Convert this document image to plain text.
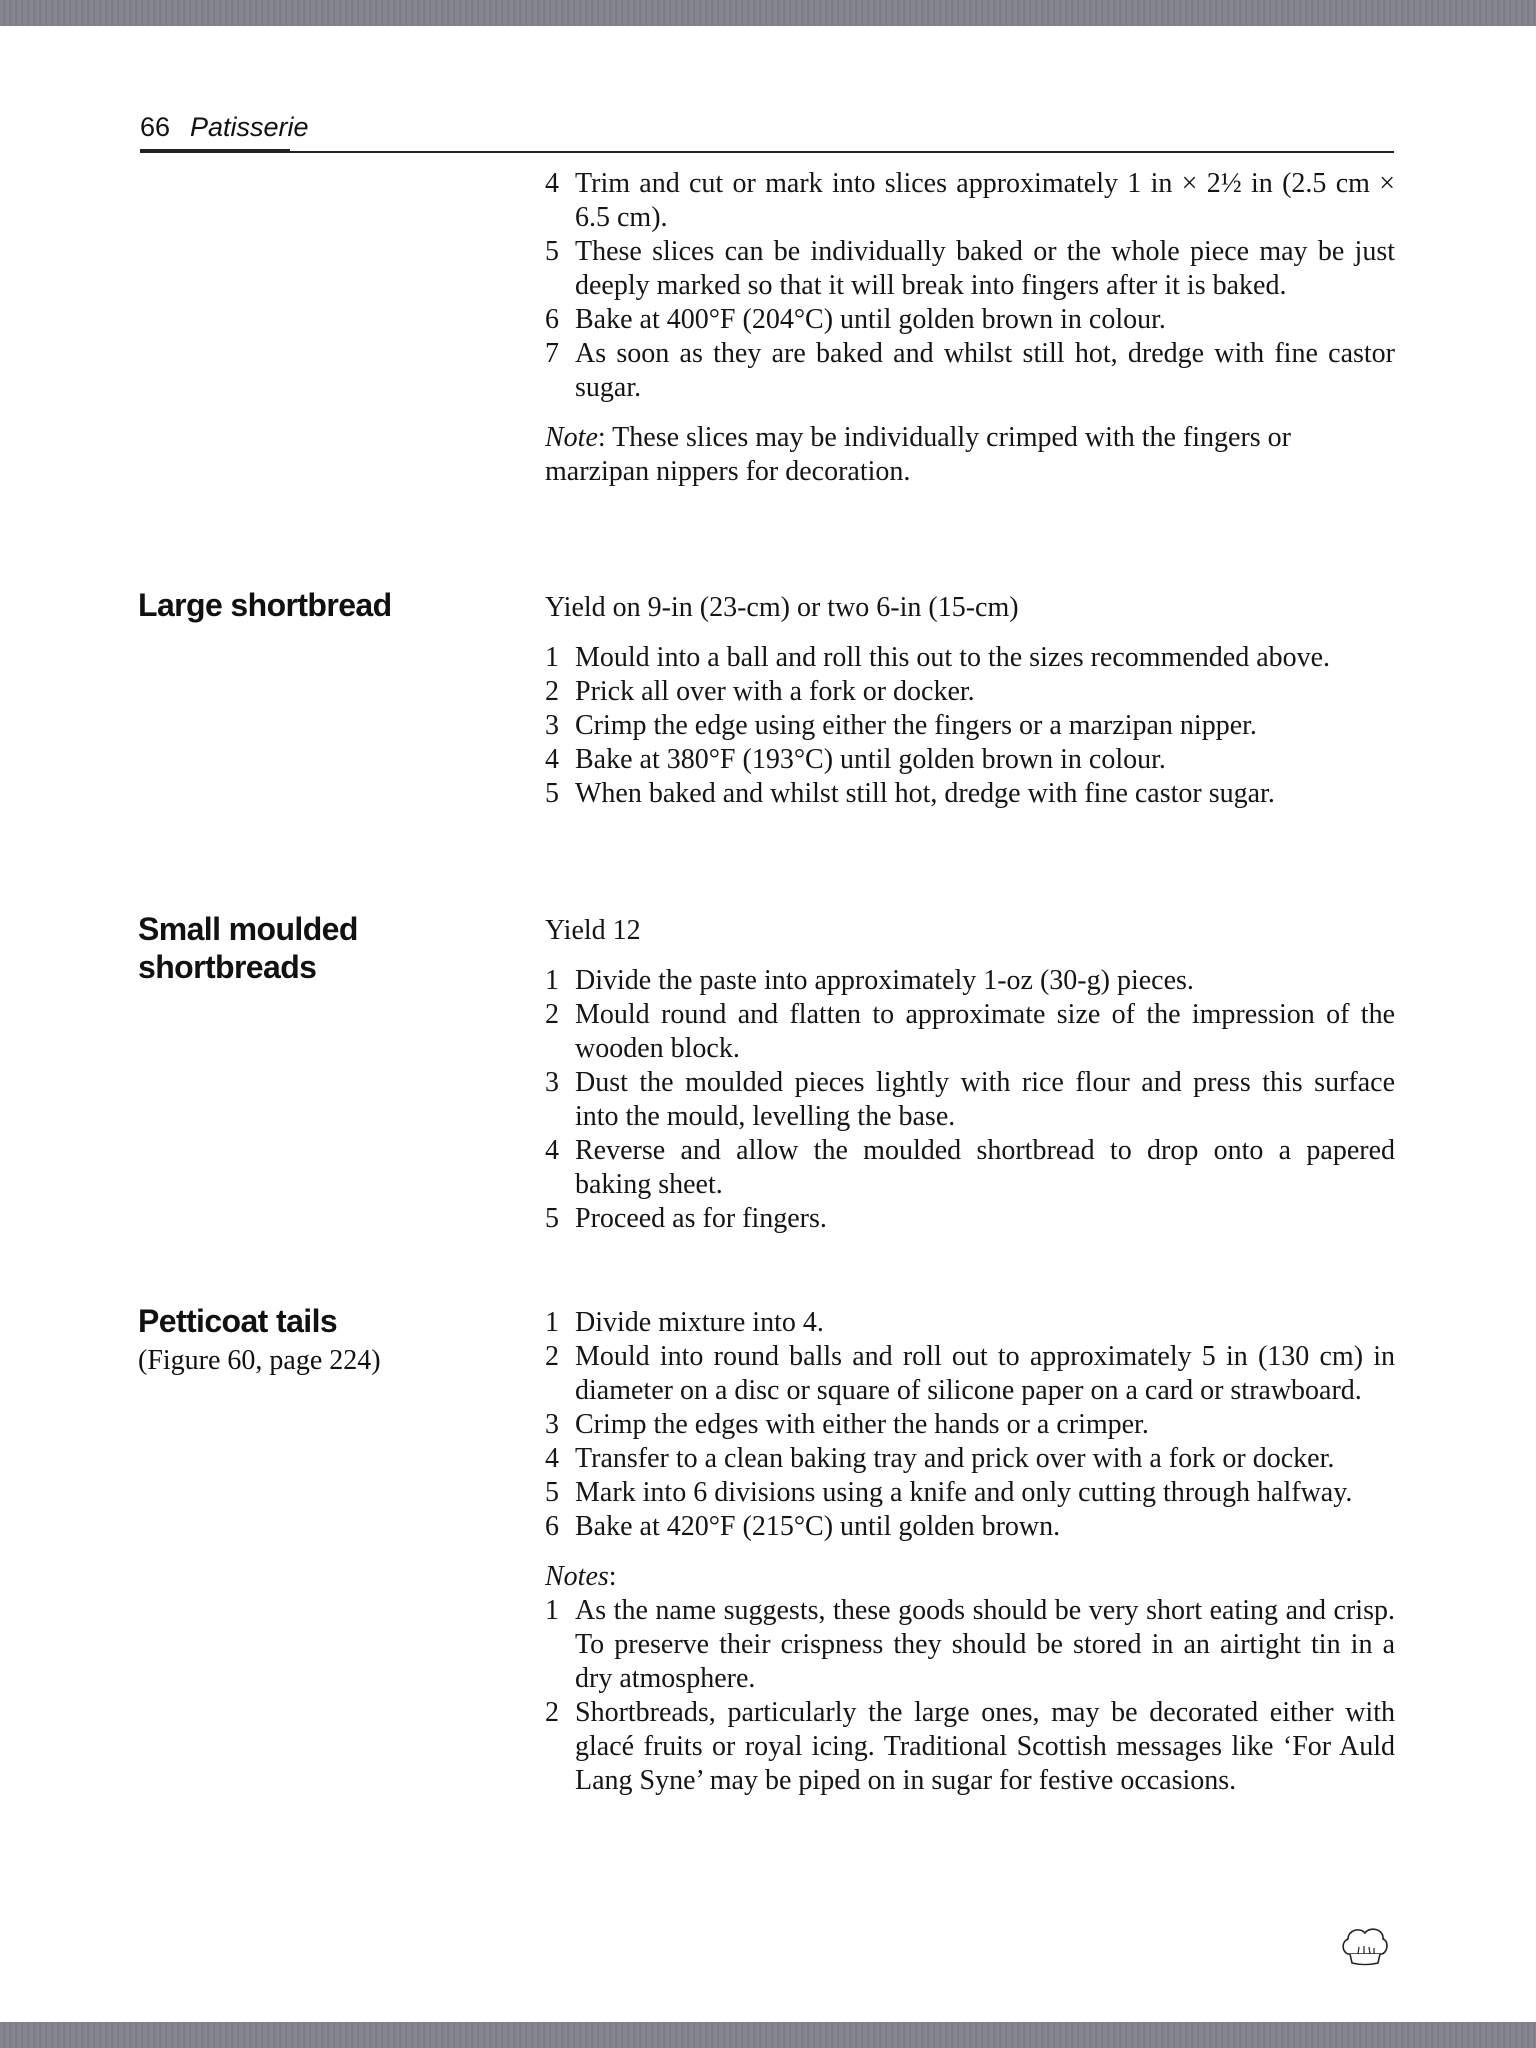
66 Patisserie
4 Trim and cut or mark into slices approximately 1 in × 2½ in (2.5 cm × 6.5 cm).
5 These slices can be individually baked or the whole piece may be just deeply marked so that it will break into fingers after it is baked.
6 Bake at 400°F (204°C) until golden brown in colour.
7 As soon as they are baked and whilst still hot, dredge with fine castor sugar.

Note: These slices may be individually crimped with the fingers or marzipan nippers for decoration.

Large shortbread	Yield on 9-in (23-cm) or two 6-in (15-cm)

1 Mould into a ball and roll this out to the sizes recommended above.
2 Prick all over with a fork or docker.
3 Crimp the edge using either the fingers or a marzipan nipper.
4 Bake at 380°F (193°C) until golden brown in colour.
5 When baked and whilst still hot, dredge with fine castor sugar.
Small moulded
shortbreads

Yield 12

1 Divide the paste into approximately 1-oz (30-g) pieces.
2 Mould round and flatten to approximate size of the impression of the wooden block.
3 Dust the moulded pieces lightly with rice flour and press this surface into the mould, levelling the base.
4 Reverse and allow the moulded shortbread to drop onto a papered baking sheet.
5 Proceed as for fingers.
Petticoat tails
(Figure 60, page 224)
1 Divide mixture into 4.
2 Mould into round balls and roll out to approximately 5 in (130 cm) in diameter on a disc or square of silicone paper on a card or strawboard.
3 Crimp the edges with either the hands or a crimper.
4 Transfer to a clean baking tray and prick over with a fork or docker.
5 Mark into 6 divisions using a knife and only cutting through halfway.
6 Bake at 420°F (215°C) until golden brown.

Notes:

1 As the name suggests, these goods should be very short eating and crisp. To preserve their crispness they should be stored in an airtight tin in a dry atmosphere.
2 Shortbreads, particularly the large ones, may be decorated either with glacé fruits or royal icing. Traditional Scottish messages like ‘For Auld Lang Syne’ may be piped on in sugar for festive occasions.
